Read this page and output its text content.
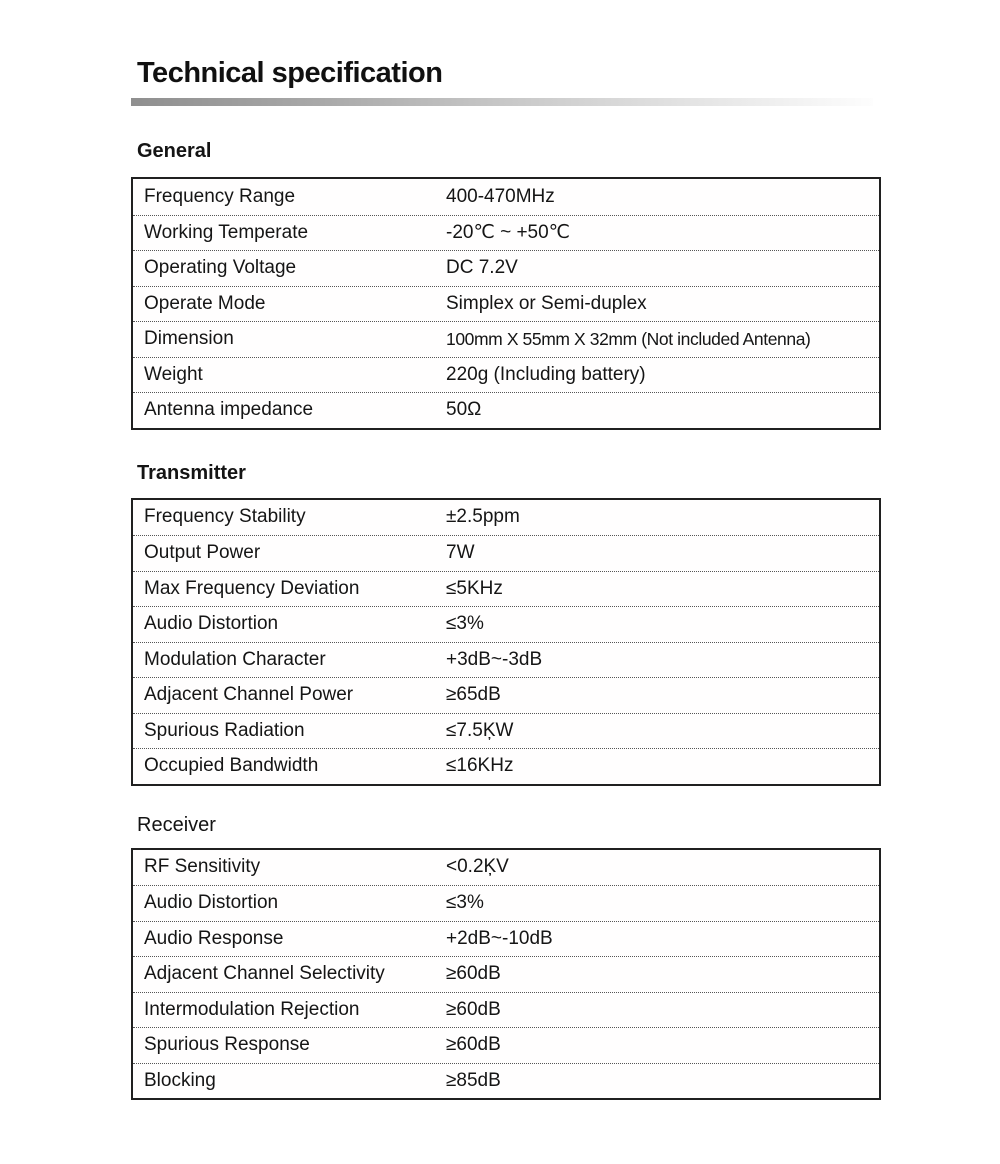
Technical specification
General
Frequency Range	400-470MHz
Working Temperate	-20℃ ~ +50℃
Operating Voltage	DC 7.2V
Operate Mode	Simplex or Semi-duplex
Dimension	100mm X 55mm X 32mm (Not included Antenna)
Weight	220g (Including battery)
Antenna impedance	50Ω
Transmitter
Frequency Stability	±2.5ppm
Output Power	7W
Max Frequency Deviation	≤5KHz
Audio Distortion	≤3%
Modulation Character	+3dB~-3dB
Adjacent Channel Power	≥65dB
Spurious Radiation	≤7.5ĶW
Occupied Bandwidth	≤16KHz
Receiver
RF Sensitivity	<0.2ĶV
Audio Distortion	≤3%
Audio Response	+2dB~-10dB
Adjacent Channel Selectivity	≥60dB
Intermodulation Rejection	≥60dB
Spurious Response	≥60dB
Blocking	≥85dB
